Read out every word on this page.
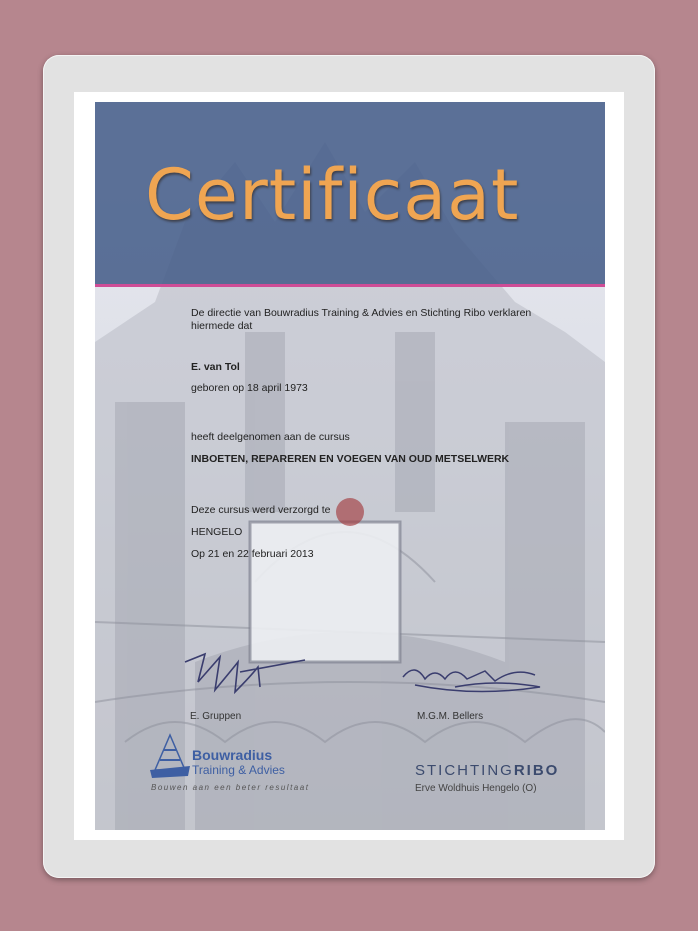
Certificaat
De directie van Bouwradius Training & Advies en Stichting Ribo verklaren
hiermede dat
E. van Tol
geboren op 18 april 1973
heeft deelgenomen aan de cursus
INBOETEN, REPAREREN EN VOEGEN VAN OUD METSELWERK
Deze cursus werd verzorgd te
HENGELO
Op 21 en 22 februari 2013
E. Gruppen	M.G.M. Bellers
Bouwradius
Training & Advies
Bouwen aan een beter resultaat
STICHTINGRIBO
Erve Woldhuis Hengelo (O)
